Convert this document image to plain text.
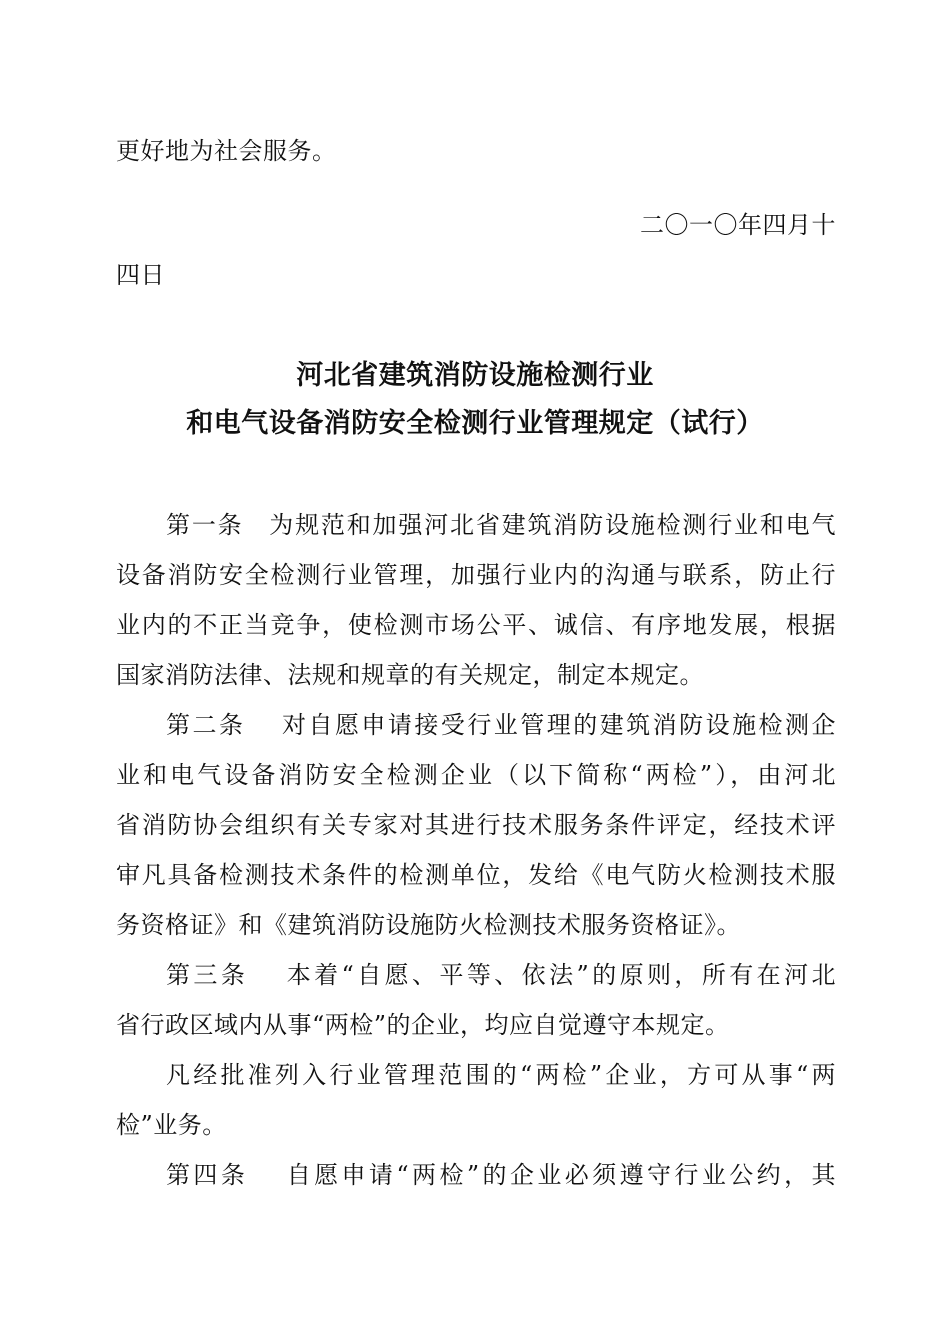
更好地为社会服务。
二〇一〇年四月十
四日
河北省建筑消防设施检测行业
和电气设备消防安全检测行业管理规定（试行）
第一条　为规范和加强河北省建筑消防设施检测行业和电气
设备消防安全检测行业管理，加强行业内的沟通与联系，防止行
业内的不正当竞争，使检测市场公平、诚信、有序地发展，根据
国家消防法律、法规和规章的有关规定，制定本规定。
第二条　 对自愿申请接受行业管理的建筑消防设施检测企
业和电气设备消防安全检测企业（以下简称“两检”），由河北
省消防协会组织有关专家对其进行技术服务条件评定，经技术评
审凡具备检测技术条件的检测单位，发给《电气防火检测技术服
务资格证》和《建筑消防设施防火检测技术服务资格证》。
第三条　 本着“自愿、平等、依法”的原则，所有在河北
省行政区域内从事“两检”的企业，均应自觉遵守本规定。
凡经批准列入行业管理范围的“两检”企业，方可从事“两
检”业务。
第四条　 自愿申请“两检”的企业必须遵守行业公约，其
